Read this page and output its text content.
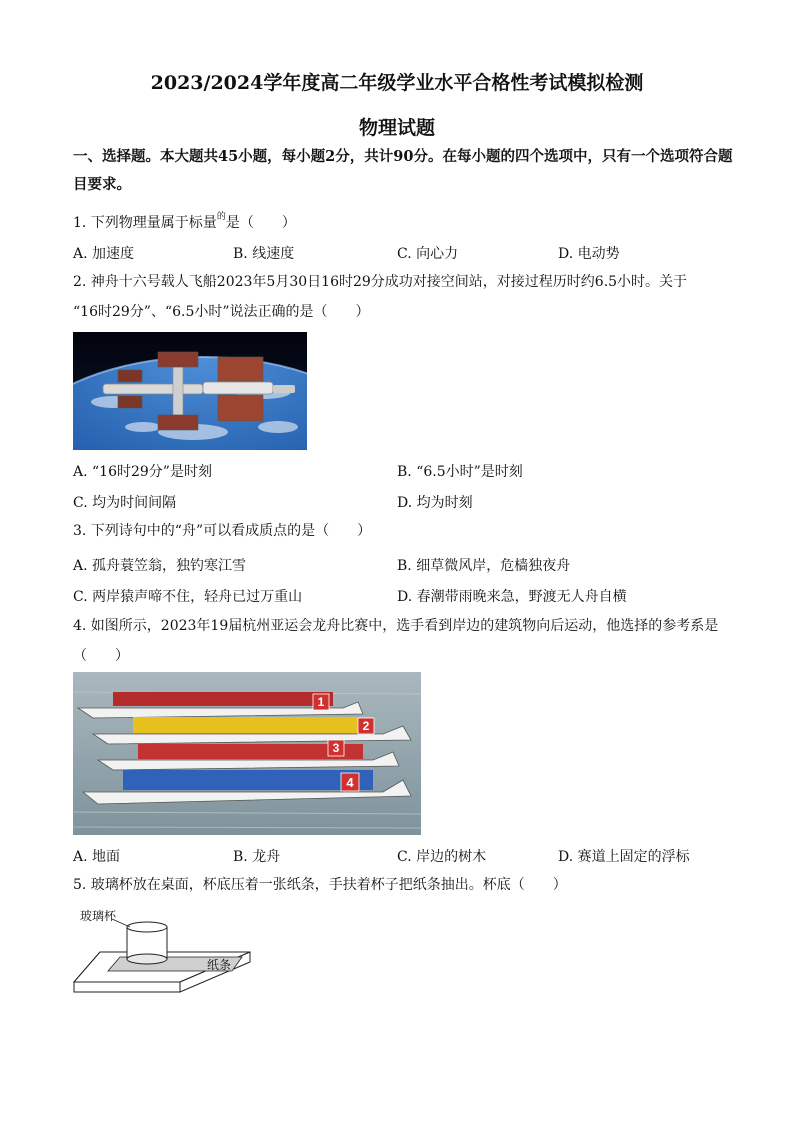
2023/2024学年度高二年级学业水平合格性考试模拟检测
物理试题
一、选择题。本大题共45小题，每小题2分，共计90分。在每小题的四个选项中，只有一个选项符合题目要求。
1. 下列物理量属于标量$^的$是（　　）
A. 加速度	B. 线速度	C. 向心力	D. 电动势
2. 神舟十六号载人飞船2023年5月30日16时29分成功对接空间站，对接过程历时约6.5小时。关于
“16时29分”、“6.5小时”说法正确的是（　　）
A. “16时29分”是时刻	B. “6.5小时”是时刻
C. 均为时间间隔	D. 均为时刻
3. 下列诗句中的“舟”可以看成质点的是（　　）
A. 孤舟蓑笠翁，独钓寒江雪	B. 细草微风岸，危樯独夜舟
C. 两岸猿声啼不住，轻舟已过万重山	D. 春潮带雨晚来急，野渡无人舟自横
4. 如图所示，2023年19届杭州亚运会龙舟比赛中，选手看到岸边的建筑物向后运动，他选择的参考系是
（　　）
1
2
3
4
A. 地面	B. 龙舟	C. 岸边的树木	D. 赛道上固定的浮标
5. 玻璃杯放在桌面，杯底压着一张纸条，手扶着杯子把纸条抽出。杯底（　　）
玻璃杯
纸条
